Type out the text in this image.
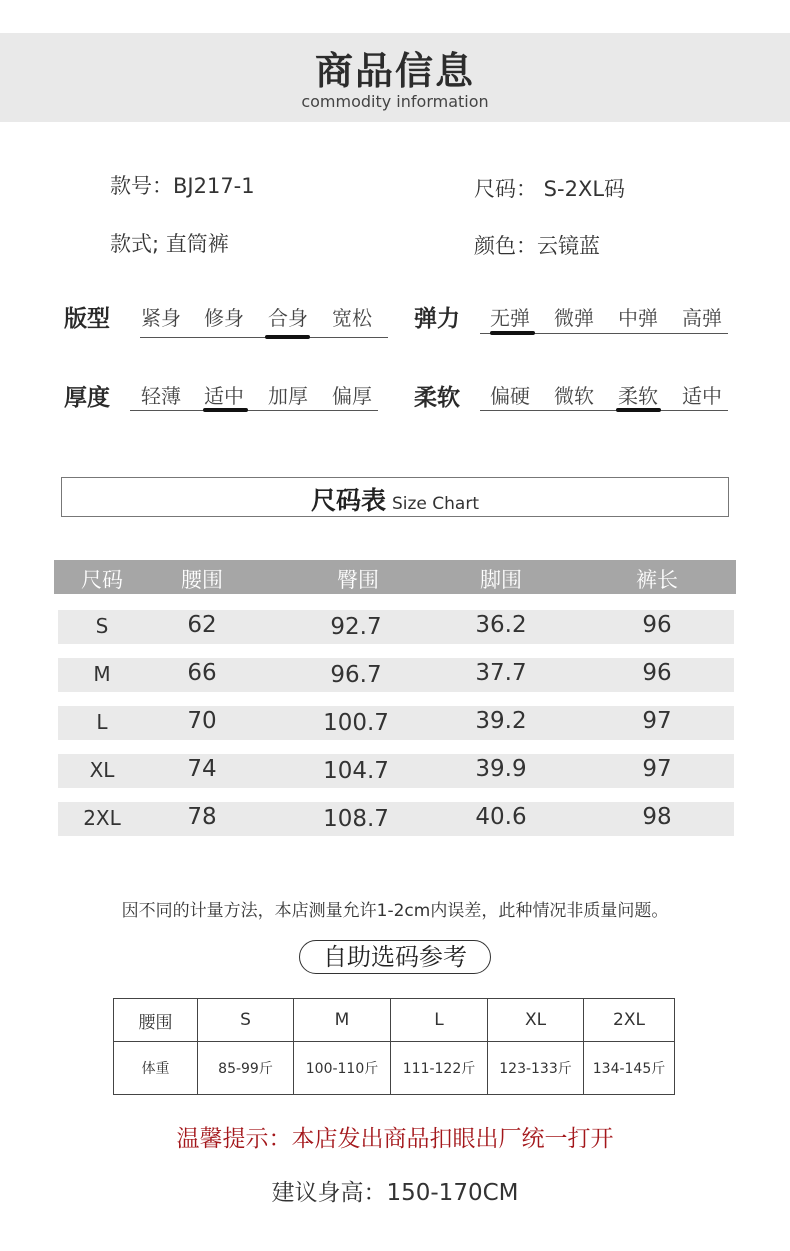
商品信息
commodity information
款号：BJ217-1	尺码： S-2XL码
款式; 直筒裤	颜色：云镜蓝
版型	紧身	修身	合身	宽松	弹力	无弹	微弹	中弹	高弹
厚度	轻薄	适中	加厚	偏厚	柔软	偏硬	微软	柔软	适中
尺码表 Size Chart
尺码	腰围	臀围	脚围	裤长
S	62	92.7	36.2	96
M	66	96.7	37.7	96
L	70	100.7	39.2	97
XL	74	104.7	39.9	97
2XL	78	108.7	40.6	98
因不同的计量方法，本店测量允许1-2cm内误差，此种情况非质量问题。
自助选码参考
腰围	S	M	L	XL	2XL
体重	85-99斤	100-110斤	111-122斤	123-133斤	134-145斤
温馨提示：本店发出商品扣眼出厂统一打开
建议身高：150-170CM
